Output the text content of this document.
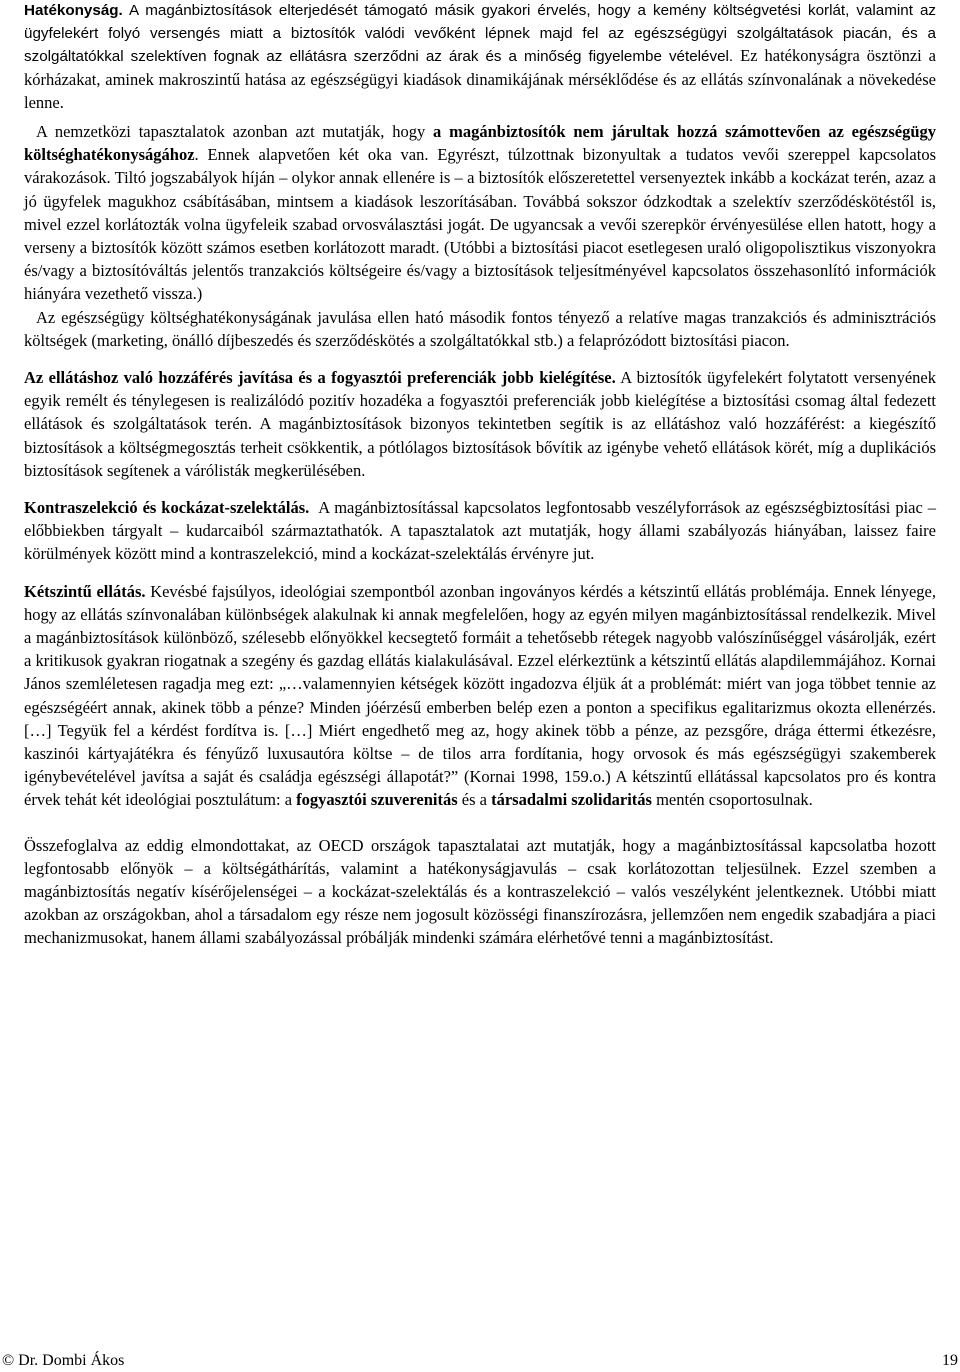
Hatékonyság. A magánbiztosítások elterjedését támogató másik gyakori érvelés, hogy a kemény költségvetési korlát, valamint az ügyfelekért folyó versengés miatt a biztosítók valódi vevőként lépnek majd fel az egészségügyi szolgáltatások piacán, és a szolgáltatókkal szelektíven fognak az ellátásra szerződni az árak és a minőség figyelembe vételével. Ez hatékonyságra ösztönzi a kórházakat, aminek makroszintű hatása az egészségügyi kiadások dinamikájának mérséklődése és az ellátás színvonalának a növekedése lenne.

A nemzetközi tapasztalatok azonban azt mutatják, hogy a magánbiztosítók nem járultak hozzá számottevően az egészségügy költséghatékonyságához. Ennek alapvetően két oka van. Egyrészt, túlzottnak bizonyultak a tudatos vevői szereppel kapcsolatos várakozások. Tiltó jogszabályok híján – olykor annak ellenére is – a biztosítók előszeretettel versenyeztek inkább a kockázat terén, azaz a jó ügyfelek magukhoz csábításában, mintsem a kiadások leszorításában. Továbbá sokszor ódzkodtak a szelektív szerződéskötéstől is, mivel ezzel korlátozták volna ügyfeleik szabad orvosválasztási jogát. De ugyancsak a vevői szerepkör érvényesülése ellen hatott, hogy a verseny a biztosítók között számos esetben korlátozott maradt. (Utóbbi a biztosítási piacot esetlegesen uraló oligopolisztikus viszonyokra és/vagy a biztosítóváltás jelentős tranzakciós költségeire és/vagy a biztosítások teljesítményével kapcsolatos összehasonlító információk hiányára vezethető vissza.)

Az egészségügy költséghatékonyságának javulása ellen ható második fontos tényező a relatíve magas tranzakciós és adminisztrációs költségek (marketing, önálló díjbeszedés és szerződéskötés a szolgáltatókkal stb.) a felaprózódott biztosítási piacon.

Az ellátáshoz való hozzáférés javítása és a fogyasztói preferenciák jobb kielégítése. A biztosítók ügyfelekért folytatott versenyének egyik remélt és ténylegesen is realizálódó pozitív hozadéka a fogyasztói preferenciák jobb kielégítése a biztosítási csomag által fedezett ellátások és szolgáltatások terén. A magánbiztosítások bizonyos tekintetben segítik is az ellátáshoz való hozzáférést: a kiegészítő biztosítások a költségmegosztás terheit csökkentik, a pótlólagos biztosítások bővítik az igénybe vehető ellátások körét, míg a duplikációs biztosítások segítenek a várólisták megkerülésében.

Kontraszelekció és kockázat-szelektálás.  A magánbiztosítással kapcsolatos legfontosabb veszélyforrások az egészségbiztosítási piac – előbbiekben tárgyalt – kudarcaiból származtathatók. A tapasztalatok azt mutatják, hogy állami szabályozás hiányában, laissez faire körülmények között mind a kontraszelekció, mind a kockázat-szelektálás érvényre jut.

Kétszintű ellátás. Kevésbé fajsúlyos, ideológiai szempontból azonban ingoványos kérdés a kétszintű ellátás problémája. Ennek lényege, hogy az ellátás színvonalában különbségek alakulnak ki annak megfelelően, hogy az egyén milyen magánbiztosítással rendelkezik. Mivel a magánbiztosítások különböző, szélesebb előnyökkel kecsegtető formáit a tehetősebb rétegek nagyobb valószínűséggel vásárolják, ezért a kritikusok gyakran riogatnak a szegény és gazdag ellátás kialakulásával. Ezzel elérkeztünk a kétszintű ellátás alapdilemmájához. Kornai János szemléletesen ragadja meg ezt: „…valamennyien kétségek között ingadozva éljük át a problémát: miért van joga többet tennie az egészségéért annak, akinek több a pénze? Minden jóérzésű emberben belép ezen a ponton a specifikus egalitarizmus okozta ellenérzés. […] Tegyük fel a kérdést fordítva is. […] Miért engedhető meg az, hogy akinek több a pénze, az pezsgőre, drága éttermi étkezésre, kaszinói kártyajátékra és fényűző luxusautóra költse – de tilos arra fordítania, hogy orvosok és más egészségügyi szakemberek igénybevételével javítsa a saját és családja egészségi állapotát?” (Kornai 1998, 159.o.) A kétszintű ellátással kapcsolatos pro és kontra érvek tehát két ideológiai posztulátum: a fogyasztói szuverenitás és a társadalmi szolidaritás mentén csoportosulnak.

Összefoglalva az eddig elmondottakat, az OECD országok tapasztalatai azt mutatják, hogy a magánbiztosítással kapcsolatba hozott legfontosabb előnyök – a költségáthárítás, valamint a hatékonyságjavulás – csak korlátozottan teljesülnek. Ezzel szemben a magánbiztosítás negatív kísérőjelenségei – a kockázat-szelektálás és a kontraszelekció – valós veszélyként jelentkeznek. Utóbbi miatt azokban az országokban, ahol a társadalom egy része nem jogosult közösségi finanszírozásra, jellemzően nem engedik szabadjára a piaci mechanizmusokat, hanem állami szabályozással próbálják mindenki számára elérhetővé tenni a magánbiztosítást.

© Dr. Dombi Ákos	19
